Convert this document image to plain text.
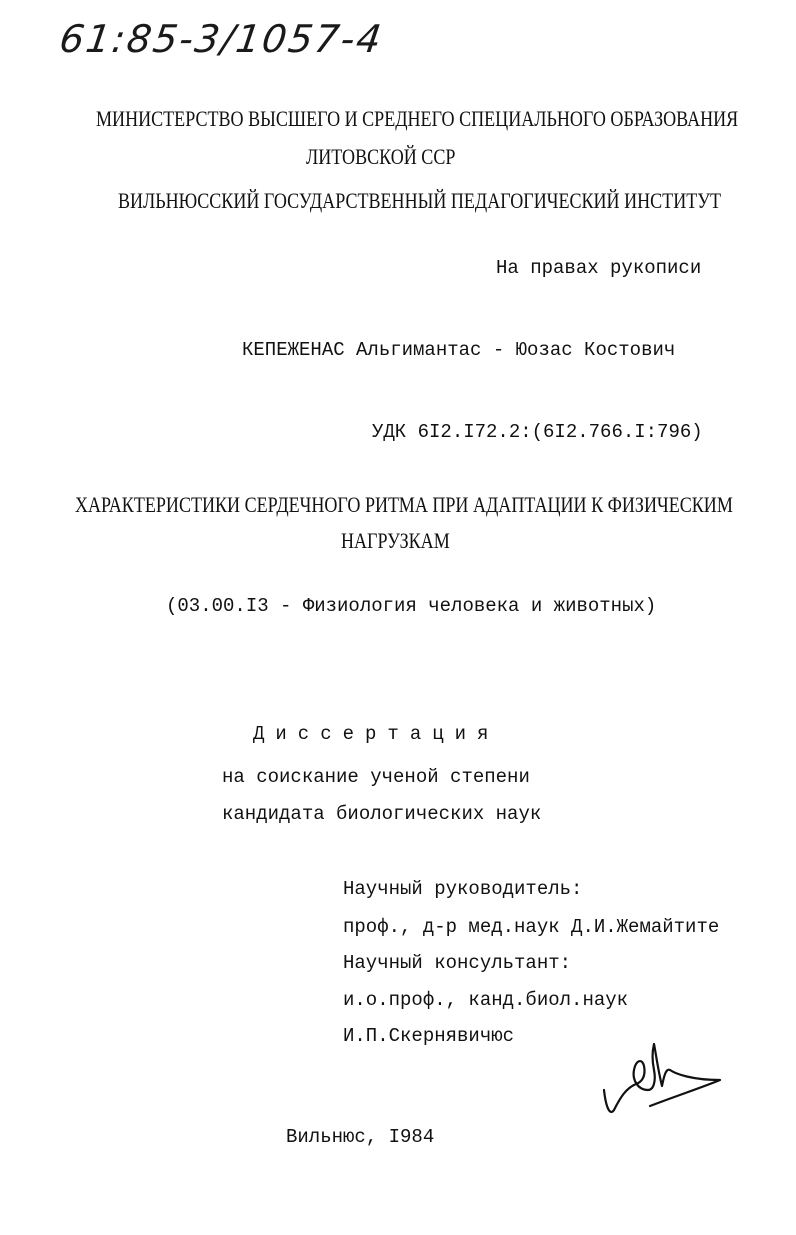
61:85-3/1057-4
МИНИСТЕРСТВО ВЫСШЕГО И СРЕДНЕГО СПЕЦИАЛЬНОГО ОБРАЗОВАНИЯ
ЛИТОВСКОЙ ССР
ВИЛЬНЮССКИЙ ГОСУДАРСТВЕННЫЙ ПЕДАГОГИЧЕСКИЙ ИНСТИТУТ
На правах рукописи
КЕПЕЖЕНАС Альгимантас - Юозас Костович
УДК 6I2.I72.2:(6I2.766.I:796)
ХАРАКТЕРИСТИКИ СЕРДЕЧНОГО РИТМА ПРИ АДАПТАЦИИ К ФИЗИЧЕСКИМ
НАГРУЗКАМ
(03.00.I3 - Физиология человека и животных)
Диссертация
на соискание ученой степени
кандидата биологических наук
Научный руководитель:
проф., д-р мед.наук Д.И.Жемайтите
Научный консультант:
и.о.проф., канд.биол.наук
И.П.Скернявичюс
Вильнюс, I984
